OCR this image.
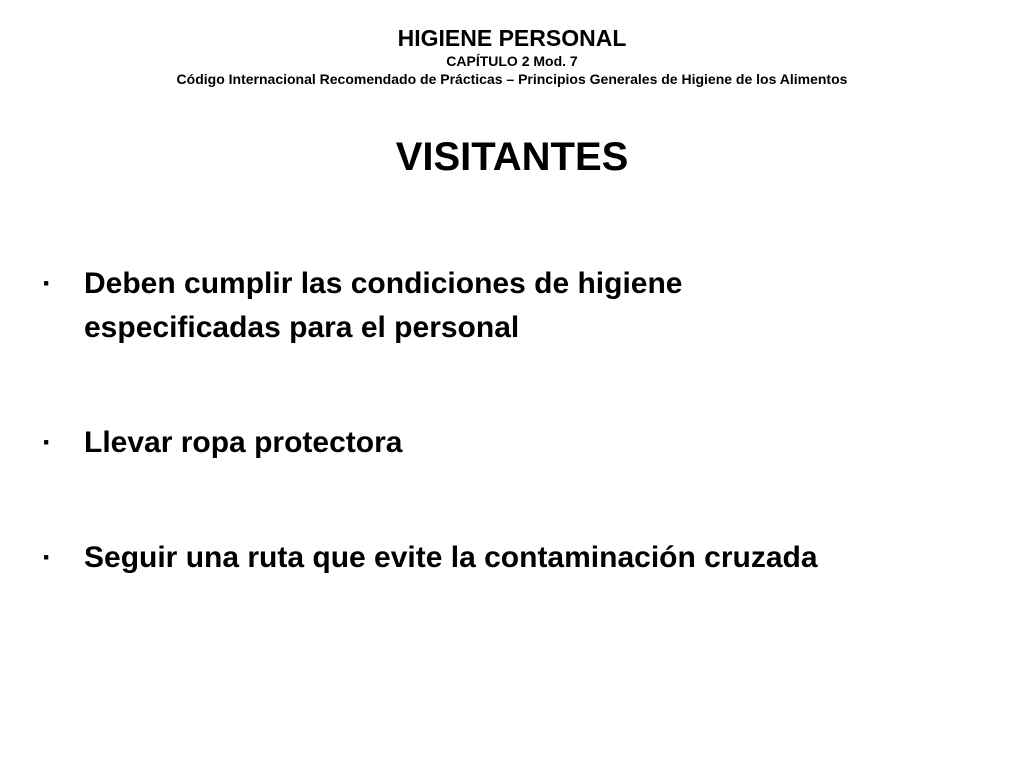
HIGIENE PERSONAL
CAPÍTULO 2 Mod. 7
Código Internacional Recomendado de Prácticas – Principios Generales de Higiene de los Alimentos
VISITANTES
· Deben cumplir las condiciones de higiene
especificadas para el personal
· Llevar ropa protectora
· Seguir una ruta que evite la contaminación cruzada
